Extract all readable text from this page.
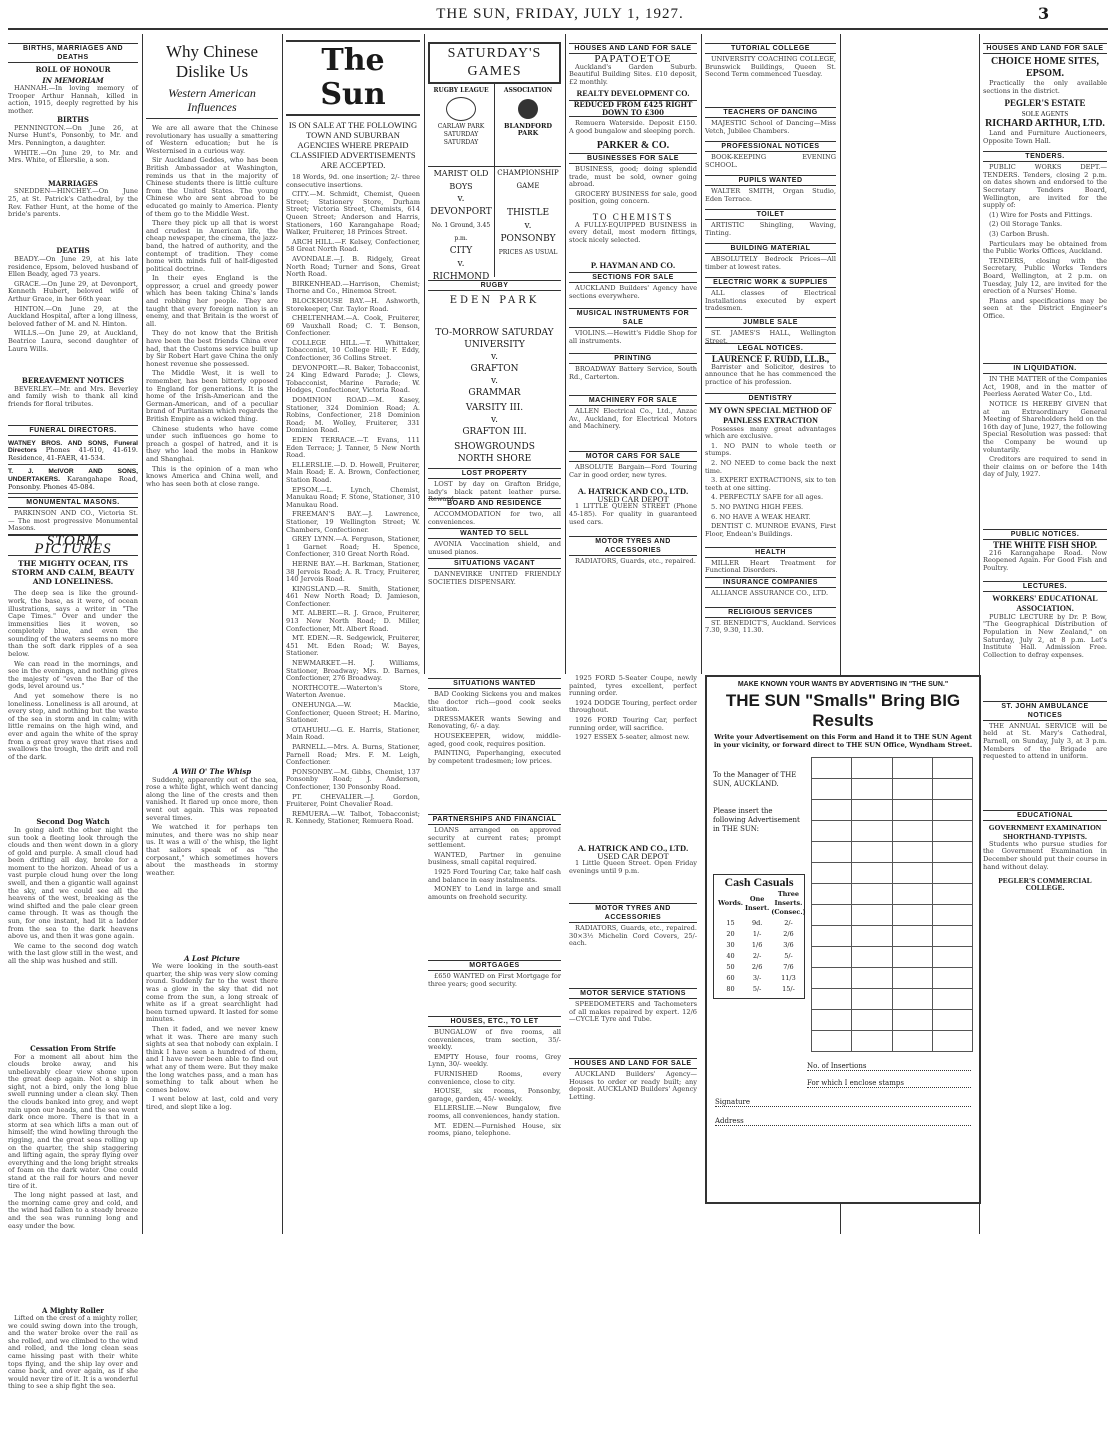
THE SUN, FRIDAY, JULY 1, 1927.	3
BIRTHS, MARRIAGES AND DEATHS
ROLL OF HONOUR
IN MEMORIAM

HANNAH.—In loving memory of Trooper Arthur Hannah, killed in action, 1915, deeply regretted by his mother.

BIRTHS

PENNINGTON.—On June 26, at Nurse Hunt's, Ponsonby, to Mr. and Mrs. Pennington, a daughter.

WHITE.—On June 29, to Mr. and Mrs. White, of Ellerslie, a son.

MARRIAGES

SNEDDEN—HINCHEY.—On June 25, at St. Patrick's Cathedral, by the Rev. Father Hunt, at the home of the bride's parents.

DEATHS

BEADY.—On June 29, at his late residence, Epsom, beloved husband of Ellen Beady, aged 73 years.

GRACE.—On June 29, at Devonport, Kenneth Hubert, beloved wife of Arthur Grace, in her 66th year.

HINTON.—On June 29, at the Auckland Hospital, after a long illness, beloved father of M. and N. Hinton.

WILLS.—On June 29, at Auckland, Beatrice Laura, second daughter of Laura Wills.

BEREAVEMENT NOTICES

BEVERLEY.—Mr. and Mrs. Beverley and family wish to thank all kind friends for floral tributes.

FUNERAL DIRECTORS.
WATNEY BROS. AND SONS, Funeral Directors Phones 41-610, 41-619. Residence, 41-FAER, 41-534.
T. J. McIVOR AND SONS, UNDERTAKERS. Karangahape Road, Ponsonby. Phones 45-084.
MONUMENTAL MASONS.

PARKINSON AND CO., Victoria St. — The most progressive Monumental Masons.

STORM PICTURES
THE MIGHTY OCEAN, ITS STORM AND CALM, BEAUTY AND LONELINESS.

The deep sea is like the ground-work, the base, as it were, of ocean illustrations, says a writer in "The Cape Times." Over and under the immensities lies it woven, so completely blue, and even the sounding of the waters seems no more than the soft dark ripples of a sea below.

We can read in the mornings, and see in the evenings, and nothing gives the majesty of "even the Bar of the gods, level around us."

And yet somehow there is no loneliness. Loneliness is all around, at every step, and nothing but the waste of the sea in storm and in calm; with little remains on the high wind, and ever and again the white of the spray from a great grey wave that rises and swallows the trough, the drift and roll of the dark.

Second Dog Watch

In going aloft the other night the sun took a fleeting look through the clouds and then went down in a glory of gold and purple. A small cloud had been drifting all day, broke for a moment to the horizon. Ahead of us a vast purple cloud hung over the long swell, and then a gigantic wall against the sky, and we could see all the heavens of the west, breaking as the wind shifted and the pale clear green came through. It was as though the sun, for one instant, had lit a ladder from the sea to the dark heavens above us, and then it was gone again.

We came to the second dog watch with the last glow still in the west, and all the ship was hushed and still.

Cessation From Strife

For a moment all about him the clouds broke away, and his unbelievably clear view shone upon the great deep again. Not a ship in sight, not a bird, only the long blue swell running under a clean sky. Then the clouds banked into grey, and wept rain upon our heads, and the sea went dark once more. There is that in a storm at sea which lifts a man out of himself; the wind howling through the rigging, and the great seas rolling up on the quarter, the ship staggering and lifting again, the spray flying over everything and the long bright streaks of foam on the dark water. One could stand at the rail for hours and never tire of it.

The long night passed at last, and the morning came grey and cold, and the wind had fallen to a steady breeze and the sea was running long and easy under the bow.

A Mighty Roller

Lifted on the crest of a mighty roller, we could swing down into the trough, and the water broke over the rail as she rolled, and we climbed to the wind and rolled, and the long clean seas came hissing past with their white tops flying, and the ship lay over and came back, and over again, as if she would never tire of it. It is a wonderful thing to see a ship fight the sea.

Why Chinese Dislike Us
Western American Influences

We are all aware that the Chinese revolutionary has usually a smattering of Western education; but he is Westernised in a curious way.

Sir Auckland Geddes, who has been British Ambassador at Washington, reminds us that in the majority of Chinese students there is little culture from the United States. The young Chinese who are sent abroad to be educated go mainly to America. Plenty of them go to the Middle West.

There they pick up all that is worst and crudest in American life, the cheap newspaper, the cinema, the jazz-band, the hatred of authority, and the contempt of tradition. They come home with minds full of half-digested political doctrine.

In their eyes England is the oppressor, a cruel and greedy power which has been taking China's lands and robbing her people. They are taught that every foreign nation is an enemy, and that Britain is the worst of all.

They do not know that the British have been the best friends China ever had, that the Customs service built up by Sir Robert Hart gave China the only honest revenue she possessed.

The Middle West, it is well to remember, has been bitterly opposed to England for generations. It is the home of the Irish-American and the German-American, and of a peculiar brand of Puritanism which regards the British Empire as a wicked thing.

Chinese students who have come under such influences go home to preach a gospel of hatred, and it is they who lead the mobs in Hankow and Shanghai.

This is the opinion of a man who knows America and China well, and who has seen both at close range.

A Will O' The Whisp

Suddenly, apparently out of the sea, rose a white light, which went dancing along the line of the crests and then vanished. It flared up once more, then went out again. This was repeated several times.

We watched it for perhaps ten minutes, and there was no ship near us. It was a will o' the whisp, the light that sailors speak of as "the corposant," which sometimes hovers about the mastheads in stormy weather.

A Lost Picture

We were looking in the south-east quarter, the ship was very slow coming round. Suddenly far to the west there was a glow in the sky that did not come from the sun, a long streak of white as if a great searchlight had been turned upward. It lasted for some minutes.

Then it faded, and we never knew what it was. There are many such sights at sea that nobody can explain. I think I have seen a hundred of them, and I have never been able to find out what any of them were. But they make the long watches pass, and a man has something to talk about when he comes below.

I went below at last, cold and very tired, and slept like a log.

The Sun
IS ON SALE AT THE FOLLOWING TOWN AND SUBURBAN AGENCIES WHERE PREPAID CLASSIFIED ADVERTISEMENTS ARE ACCEPTED.

18 Words, 9d. one insertion; 2/- three consecutive insertions.

CITY.—M. Schmidt, Chemist, Queen Street; Stationery Store, Durham Street; Victoria Street, Chemists, 614 Queen Street; Anderson and Harris, Stationers, 160 Karangahape Road; Walker, Fruiterer, 18 Princes Street.

ARCH HILL.—F. Kelsey, Confectioner, 58 Great North Road.

AVONDALE.—J. B. Ridgely, Great North Road; Turner and Sons, Great North Road.

BIRKENHEAD.—Harrison, Chemist; Thorne and Co., Hinemoa Street.

BLOCKHOUSE BAY.—H. Ashworth, Storekeeper, Cnr. Taylor Road.

CHELTENHAM.—A. Cook, Fruiterer, 69 Vauxhall Road; C. T. Benson, Confectioner.

COLLEGE HILL.—T. Whittaker, Tobacconist, 10 College Hill; F. Eddy, Confectioner, 36 Collins Street.

DEVONPORT.—R. Baker, Tobacconist, 24 King Edward Parade; J. Clews, Tobacconist, Marine Parade; W. Hodges, Confectioner, Victoria Road.

DOMINION ROAD.—M. Kasey, Stationer, 324 Dominion Road; A. Robins, Confectioner, 218 Dominion Road; M. Wolley, Fruiterer, 331 Dominion Road.

EDEN TERRACE.—T. Evans, 111 Eden Terrace; J. Tanner, 5 New North Road.

ELLERSLIE.—D. D. Howell, Fruiterer, Main Road; E. A. Brown, Confectioner, Station Road.

EPSOM.—L. Lynch, Chemist, Manukau Road; F. Stone, Stationer, 310 Manukau Road.

FREEMAN'S BAY.—J. Lawrence, Stationer, 19 Wellington Street; W. Chambers, Confectioner.

GREY LYNN.—A. Ferguson, Stationer, 1 Garnet Road; H. Spence, Confectioner, 310 Great North Road.

HERNE BAY.—H. Barkman, Stationer, 38 Jervois Road; A. R. Tracy, Fruiterer, 140 Jervois Road.

KINGSLAND.—R. Smith, Stationer, 461 New North Road; D. Jamieson, Confectioner.

MT. ALBERT.—R. J. Grace, Fruiterer, 913 New North Road; D. Miller, Confectioner, Mt. Albert Road.

MT. EDEN.—R. Sedgewick, Fruiterer, 451 Mt. Eden Road; W. Bayes, Stationer.

NEWMARKET.—H. J. Williams, Stationer, Broadway; Mrs. D. Barnes, Confectioner, 276 Broadway.

NORTHCOTE.—Waterton's Store, Waterton Avenue.

ONEHUNGA.—W. Mackie, Confectioner, Queen Street; H. Marino, Stationer.

OTAHUHU.—G. E. Harris, Stationer, Main Road.

PARNELL.—Mrs. A. Burns, Stationer, Parnell Road; Mrs. F. M. Leigh, Confectioner.

PONSONBY.—M. Gibbs, Chemist, 137 Ponsonby Road; J. Anderson, Confectioner, 130 Ponsonby Road.

PT. CHEVALIER.—J. Gordon, Fruiterer, Point Chevalier Road.

REMUERA.—W. Talbot, Tobacconist; R. Kennedy, Stationer, Remuera Road.

SATURDAY'S GAMES
RUGBY LEAGUE
CARLAW PARK
SATURDAY SATURDAY
ASSOCIATION
BLANDFORD PARK
MARIST OLD BOYS
v.
DEVONPORT
No. 1 Ground, 3.45 p.m.
CITY
v.
RICHMOND
CHAMPIONSHIP GAME
THISTLE
v.
PONSONBY
PRICES AS USUAL
RUGBY
EDEN PARK
TO-MORROW SATURDAY
UNIVERSITY
v.
GRAFTON
v.
GRAMMAR
VARSITY III.
v.
GRAFTON III.
SHOWGROUNDS
NORTH SHORE
LOST PROPERTY

LOST by day on Grafton Bridge, lady's black patent leather purse. Reward.

BOARD AND RESIDENCE

ACCOMMODATION for two, all conveniences.

WANTED TO SELL

AVONIA Vaccination shield, and unused pianos.

SITUATIONS VACANT

DANNEVIRKE UNITED FRIENDLY SOCIETIES DISPENSARY.

HOUSES AND LAND FOR SALE
PAPATOETOE

Auckland's Garden Suburb. Beautiful Building Sites. £10 deposit, £2 monthly.

REALTY DEVELOPMENT CO.
REDUCED FROM £425 RIGHT DOWN TO £300

Remuera Waterside. Deposit £150. A good bungalow and sleeping porch.

PARKER & CO.
BUSINESSES FOR SALE

BUSINESS, good; doing splendid trade, must be sold, owner going abroad.

GROCERY BUSINESS for sale, good position, going concern.

TO CHEMISTS

A FULLY-EQUIPPED BUSINESS in every detail, most modern fittings, stock nicely selected.

P. HAYMAN AND CO.
SECTIONS FOR SALE

AUCKLAND Builders' Agency have sections everywhere.

MUSICAL INSTRUMENTS FOR SALE

VIOLINS.—Hewitt's Fiddle Shop for all instruments.

PRINTING

BROADWAY Battery Service, South Rd., Carterton.

MACHINERY FOR SALE

ALLEN Electrical Co., Ltd., Anzac Av., Auckland, for Electrical Motors and Machinery.

MOTOR CARS FOR SALE

ABSOLUTE Bargain—Ford Touring Car in good order, new tyres.

A. HATRICK AND CO., LTD.
USED CAR DEPOT

1 LITTLE QUEEN STREET (Phone 45-185). For quality in guaranteed used cars.

MOTOR TYRES AND ACCESSORIES

RADIATORS, Guards, etc., repaired.

TUTORIAL COLLEGE

UNIVERSITY COACHING COLLEGE, Brunswick Buildings, Queen St. Second Term commenced Tuesday.

TEACHERS OF DANCING

MAJESTIC School of Dancing—Miss Vetch, Jubilee Chambers.

PROFESSIONAL NOTICES

BOOK-KEEPING EVENING SCHOOL.

PUPILS WANTED

WALTER SMITH, Organ Studio, Eden Terrace.

TOILET

ARTISTIC Shingling, Waving, Tinting.

BUILDING MATERIAL

ABSOLUTELY Bedrock Prices—All timber at lowest rates.

ELECTRIC WORK & SUPPLIES

ALL classes of Electrical Installations executed by expert tradesmen.

JUMBLE SALE

ST. JAMES'S HALL, Wellington Street.

LEGAL NOTICES.
LAURENCE F. RUDD, LL.B.,

Barrister and Solicitor, desires to announce that he has commenced the practice of his profession.

DENTISTRY
MY OWN SPECIAL METHOD OF PAINLESS EXTRACTION

Possesses many great advantages which are exclusive.

1. NO PAIN to whole teeth or stumps.

2. NO NEED to come back the next time.

3. EXPERT EXTRACTIONS, six to ten teeth at one sitting.

4. PERFECTLY SAFE for all ages.

5. NO PAYING HIGH FEES.

6. NO HAVE A WEAK HEART.

DENTIST C. MUNROE EVANS, First Floor, Endean's Buildings.

HEALTH

MILLER Heart Treatment for Functional Disorders.

INSURANCE COMPANIES

ALLIANCE ASSURANCE CO., LTD.

RELIGIOUS SERVICES

ST. BENEDICT'S, Auckland. Services 7.30, 9.30, 11.30.

HOUSES AND LAND FOR SALE
CHOICE HOME SITES, EPSOM.

Practically the only available sections in the district.

PEGLER'S ESTATE
SOLE AGENTS
RICHARD ARTHUR, LTD.

Land and Furniture Auctioneers, Opposite Town Hall.

TENDERS.

PUBLIC WORKS DEPT.—TENDERS. Tenders, closing 2 p.m. on dates shown and endorsed to the Secretary Tenders Board, Wellington, are invited for the supply of:

(1) Wire for Posts and Fittings.

(2) Oil Storage Tanks.

(3) Carbon Brush.

Particulars may be obtained from the Public Works Offices, Auckland.

TENDERS, closing with the Secretary, Public Works Tenders Board, Wellington, at 2 p.m. on Tuesday, July 12, are invited for the erection of a Nurses' Home.

Plans and specifications may be seen at the District Engineer's Office.

IN LIQUIDATION.

IN THE MATTER of the Companies Act, 1908, and in the matter of Peerless Aerated Water Co., Ltd.

NOTICE IS HEREBY GIVEN that at an Extraordinary General Meeting of Shareholders held on the 16th day of June, 1927, the following Special Resolution was passed: that the Company be wound up voluntarily.

Creditors are required to send in their claims on or before the 14th day of July, 1927.

PUBLIC NOTICES.
THE WHITE FISH SHOP.

216 Karangahape Road. Now Reopened Again. For Good Fish and Poultry.

LECTURES.
WORKERS' EDUCATIONAL ASSOCIATION.

PUBLIC LECTURE by Dr. P. Bow, "The Geographical Distribution of Population in New Zealand," on Saturday, July 2, at 8 p.m. Let's Institute Hall. Admission Free. Collection to defray expenses.

ST. JOHN AMBULANCE NOTICES

THE ANNUAL SERVICE will be held at St. Mary's Cathedral, Parnell, on Sunday, July 3, at 3 p.m. Members of the Brigade are requested to attend in uniform.

EDUCATIONAL
GOVERNMENT EXAMINATION SHORTHAND-TYPISTS.

Students who pursue studies for the Government Examination in December should put their course in hand without delay.

PEGLER'S COMMERCIAL COLLEGE.
SITUATIONS WANTED

BAD Cooking Sickens you and makes the doctor rich—good cook seeks situation.

DRESSMAKER wants Sewing and Renovating, 6/- a day.

HOUSEKEEPER, widow, middle-aged, good cook, requires position.

PAINTING, Paperhanging, executed by competent tradesmen; low prices.

PARTNERSHIPS AND FINANCIAL

LOANS arranged on approved security at current rates; prompt settlement.

WANTED, Partner in genuine business, small capital required.

1925 Ford Touring Car, take half cash and balance in easy instalments.

MONEY to Lend in large and small amounts on freehold security.

MORTGAGES

£650 WANTED on First Mortgage for three years; good security.

HOUSES, ETC., TO LET

BUNGALOW of five rooms, all conveniences, tram section, 35/- weekly.

EMPTY House, four rooms, Grey Lynn, 30/- weekly.

FURNISHED Rooms, every convenience, close to city.

HOUSE, six rooms, Ponsonby, garage, garden, 45/- weekly.

ELLERSLIE.—New Bungalow, five rooms, all conveniences, handy station.

MT. EDEN.—Furnished House, six rooms, piano, telephone.

1925 FORD 5-Seater Coupe, newly painted, tyres excellent, perfect running order.

1924 DODGE Touring, perfect order throughout.

1926 FORD Touring Car, perfect running order, will sacrifice.

1927 ESSEX 5-seater, almost new.

A. HATRICK AND CO., LTD.
USED CAR DEPOT

1 Little Queen Street. Open Friday evenings until 9 p.m.

MOTOR TYRES AND ACCESSORIES

RADIATORS, Guards, etc., repaired. 30×3½ Michelin Cord Covers, 25/- each.

MOTOR SERVICE STATIONS

SPEEDOMETERS and Tachometers of all makes repaired by expert. 12/6—CYCLE Tyre and Tube.

HOUSES AND LAND FOR SALE

AUCKLAND Builders' Agency—Houses to order or ready built; any deposit. AUCKLAND Builders' Agency Letting.

MAKE KNOWN YOUR WANTS BY ADVERTISING IN "THE SUN."
THE SUN "Smalls" Bring BIG Results
Write your Advertisement on this Form and Hand it to THE SUN Agent in your vicinity, or forward direct to THE SUN Office, Wyndham Street.
To the Manager of THE SUN, AUCKLAND.
Please insert the following Advertisement in THE SUN:
Cash Casuals
Words.	One Insert.	Three Inserts. (Consec.)
15	9d.	2/-
20	1/-	2/6
30	1/6	3/6
40	2/-	5/-
50	2/6	7/6
60	3/-	11/3
80	5/-	15/-
No. of Insertions
For which I enclose stamps
Signature
Address
